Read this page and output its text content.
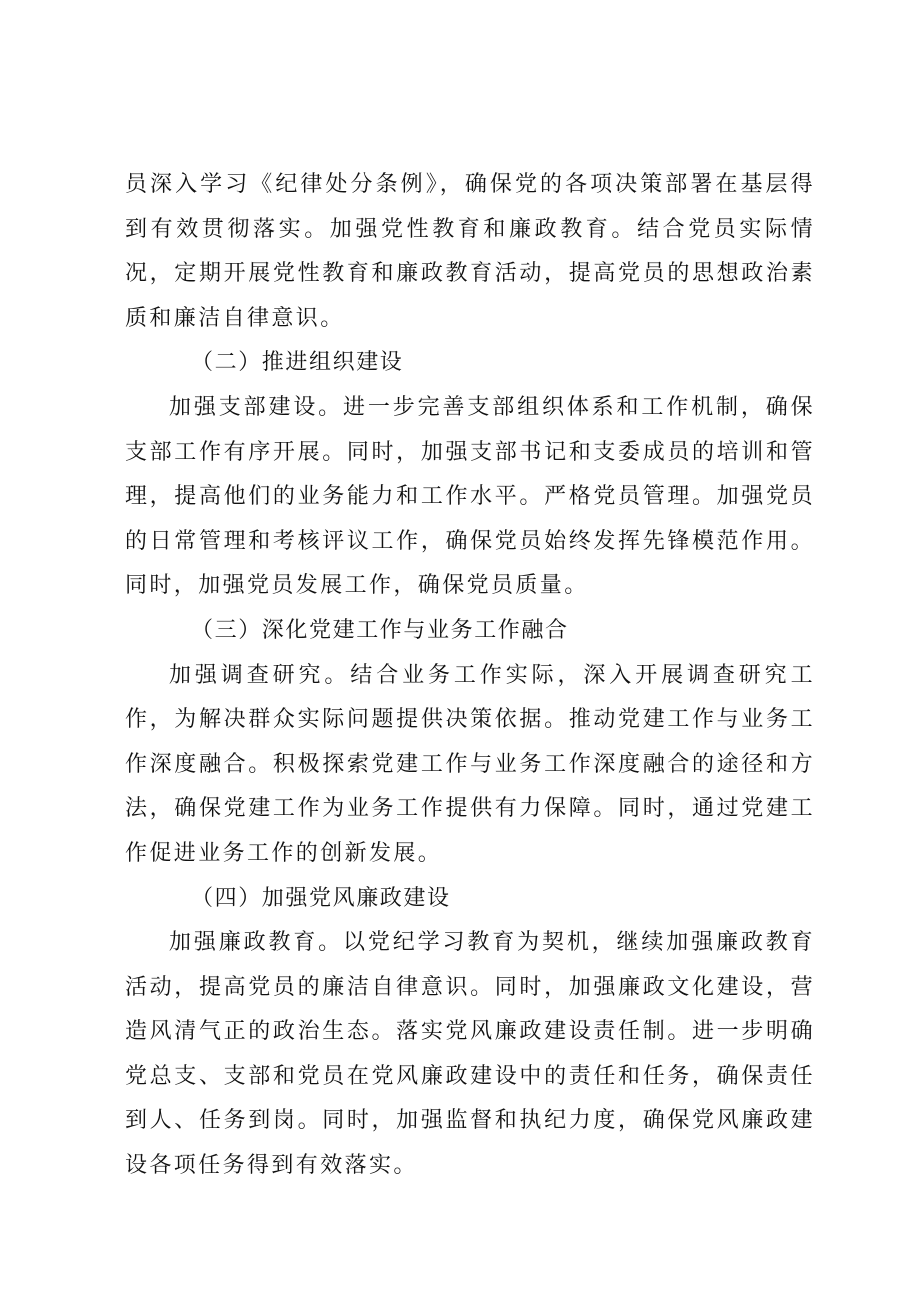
员深入学习《纪律处分条例》，确保党的各项决策部署在基层得到有效贯彻落实。加强党性教育和廉政教育。结合党员实际情况，定期开展党性教育和廉政教育活动，提高党员的思想政治素质和廉洁自律意识。

（二）推进组织建设

加强支部建设。进一步完善支部组织体系和工作机制，确保支部工作有序开展。同时，加强支部书记和支委成员的培训和管理，提高他们的业务能力和工作水平。严格党员管理。加强党员的日常管理和考核评议工作，确保党员始终发挥先锋模范作用。同时，加强党员发展工作，确保党员质量。

（三）深化党建工作与业务工作融合

加强调查研究。结合业务工作实际，深入开展调查研究工作，为解决群众实际问题提供决策依据。推动党建工作与业务工作深度融合。积极探索党建工作与业务工作深度融合的途径和方法，确保党建工作为业务工作提供有力保障。同时，通过党建工作促进业务工作的创新发展。

（四）加强党风廉政建设

加强廉政教育。以党纪学习教育为契机，继续加强廉政教育活动，提高党员的廉洁自律意识。同时，加强廉政文化建设，营造风清气正的政治生态。落实党风廉政建设责任制。进一步明确党总支、支部和党员在党风廉政建设中的责任和任务，确保责任到人、任务到岗。同时，加强监督和执纪力度，确保党风廉政建设各项任务得到有效落实。
